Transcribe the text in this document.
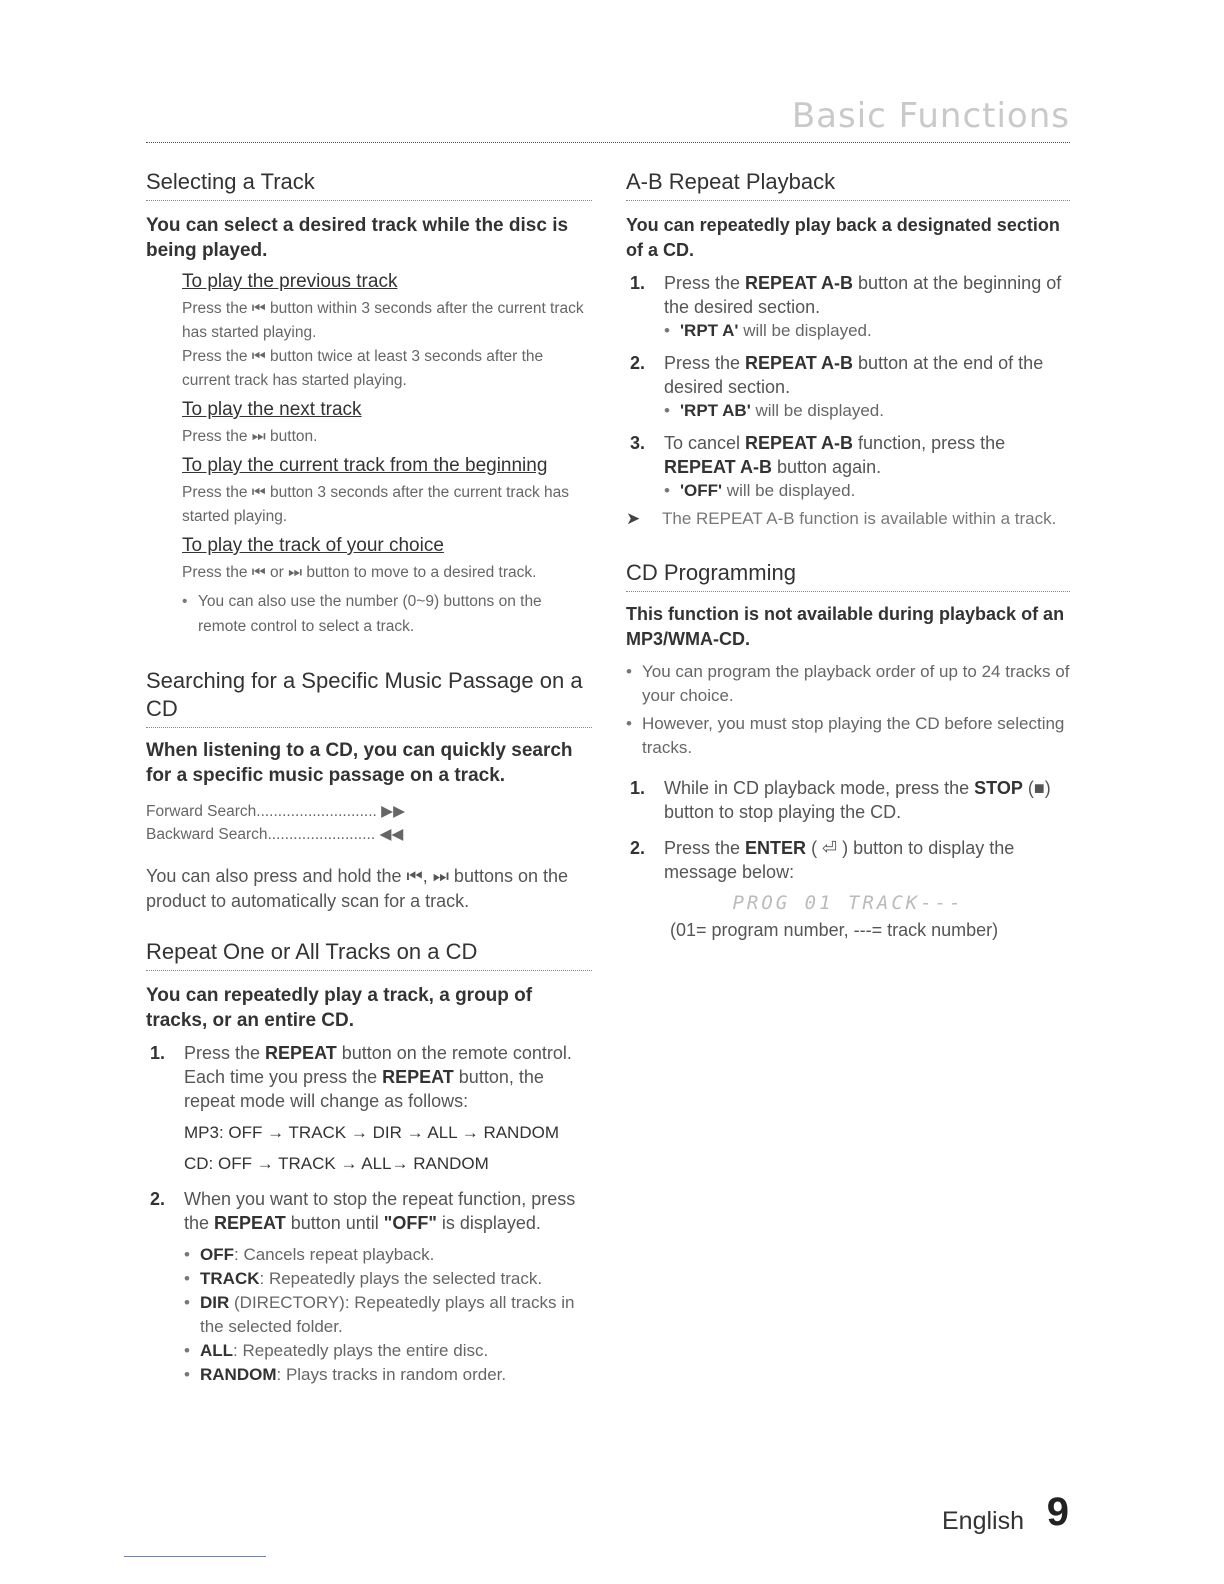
Basic Functions
Selecting a Track
You can select a desired track while the disc is being played.
To play the previous track
Press the ⏮ button within 3 seconds after the current track has started playing.
Press the ⏮ button twice at least 3 seconds after the current track has started playing.
To play the next track
Press the ⏭ button.
To play the current track from the beginning
Press the ⏮ button 3 seconds after the current track has started playing.
To play the track of your choice
Press the ⏮ or ⏭ button to move to a desired track.
• You can also use the number (0~9) buttons on the remote control to select a track.
Searching for a Specific Music Passage on a CD
When listening to a CD, you can quickly search for a specific music passage on a track.
Forward Search............................ ▶▶
Backward Search......................... ◀◀
You can also press and hold the ⏮, ⏭ buttons on the product to automatically scan for a track.
Repeat One or All Tracks on a CD
You can repeatedly play a track, a group of tracks, or an entire CD.
1. Press the REPEAT button on the remote control.
Each time you press the REPEAT button, the repeat mode will change as follows:
MP3: OFF → TRACK → DIR → ALL → RANDOM
CD: OFF → TRACK → ALL→ RANDOM
2. When you want to stop the repeat function, press the REPEAT button until "OFF" is displayed.
• OFF: Cancels repeat playback.
• TRACK: Repeatedly plays the selected track.
• DIR (DIRECTORY): Repeatedly plays all tracks in the selected folder.
• ALL: Repeatedly plays the entire disc.
• RANDOM: Plays tracks in random order.
A-B Repeat Playback
You can repeatedly play back a designated section of a CD.
1. Press the REPEAT A-B button at the beginning of the desired section.
• 'RPT A' will be displayed.
2. Press the REPEAT A-B button at the end of the desired section.
• 'RPT AB' will be displayed.
3. To cancel REPEAT A-B function, press the REPEAT A-B button again.
• 'OFF' will be displayed.
➤ The REPEAT A-B function is available within a track.
CD Programming
This function is not available during playback of an MP3/WMA-CD.
• You can program the playback order of up to 24 tracks of your choice.
• However, you must stop playing the CD before selecting tracks.
1. While in CD playback mode, press the STOP (■) button to stop playing the CD.
2. Press the ENTER ( ⏎ ) button to display the message below:
PROG 01 TRACK---
(01= program number, ---= track number)
English 9
